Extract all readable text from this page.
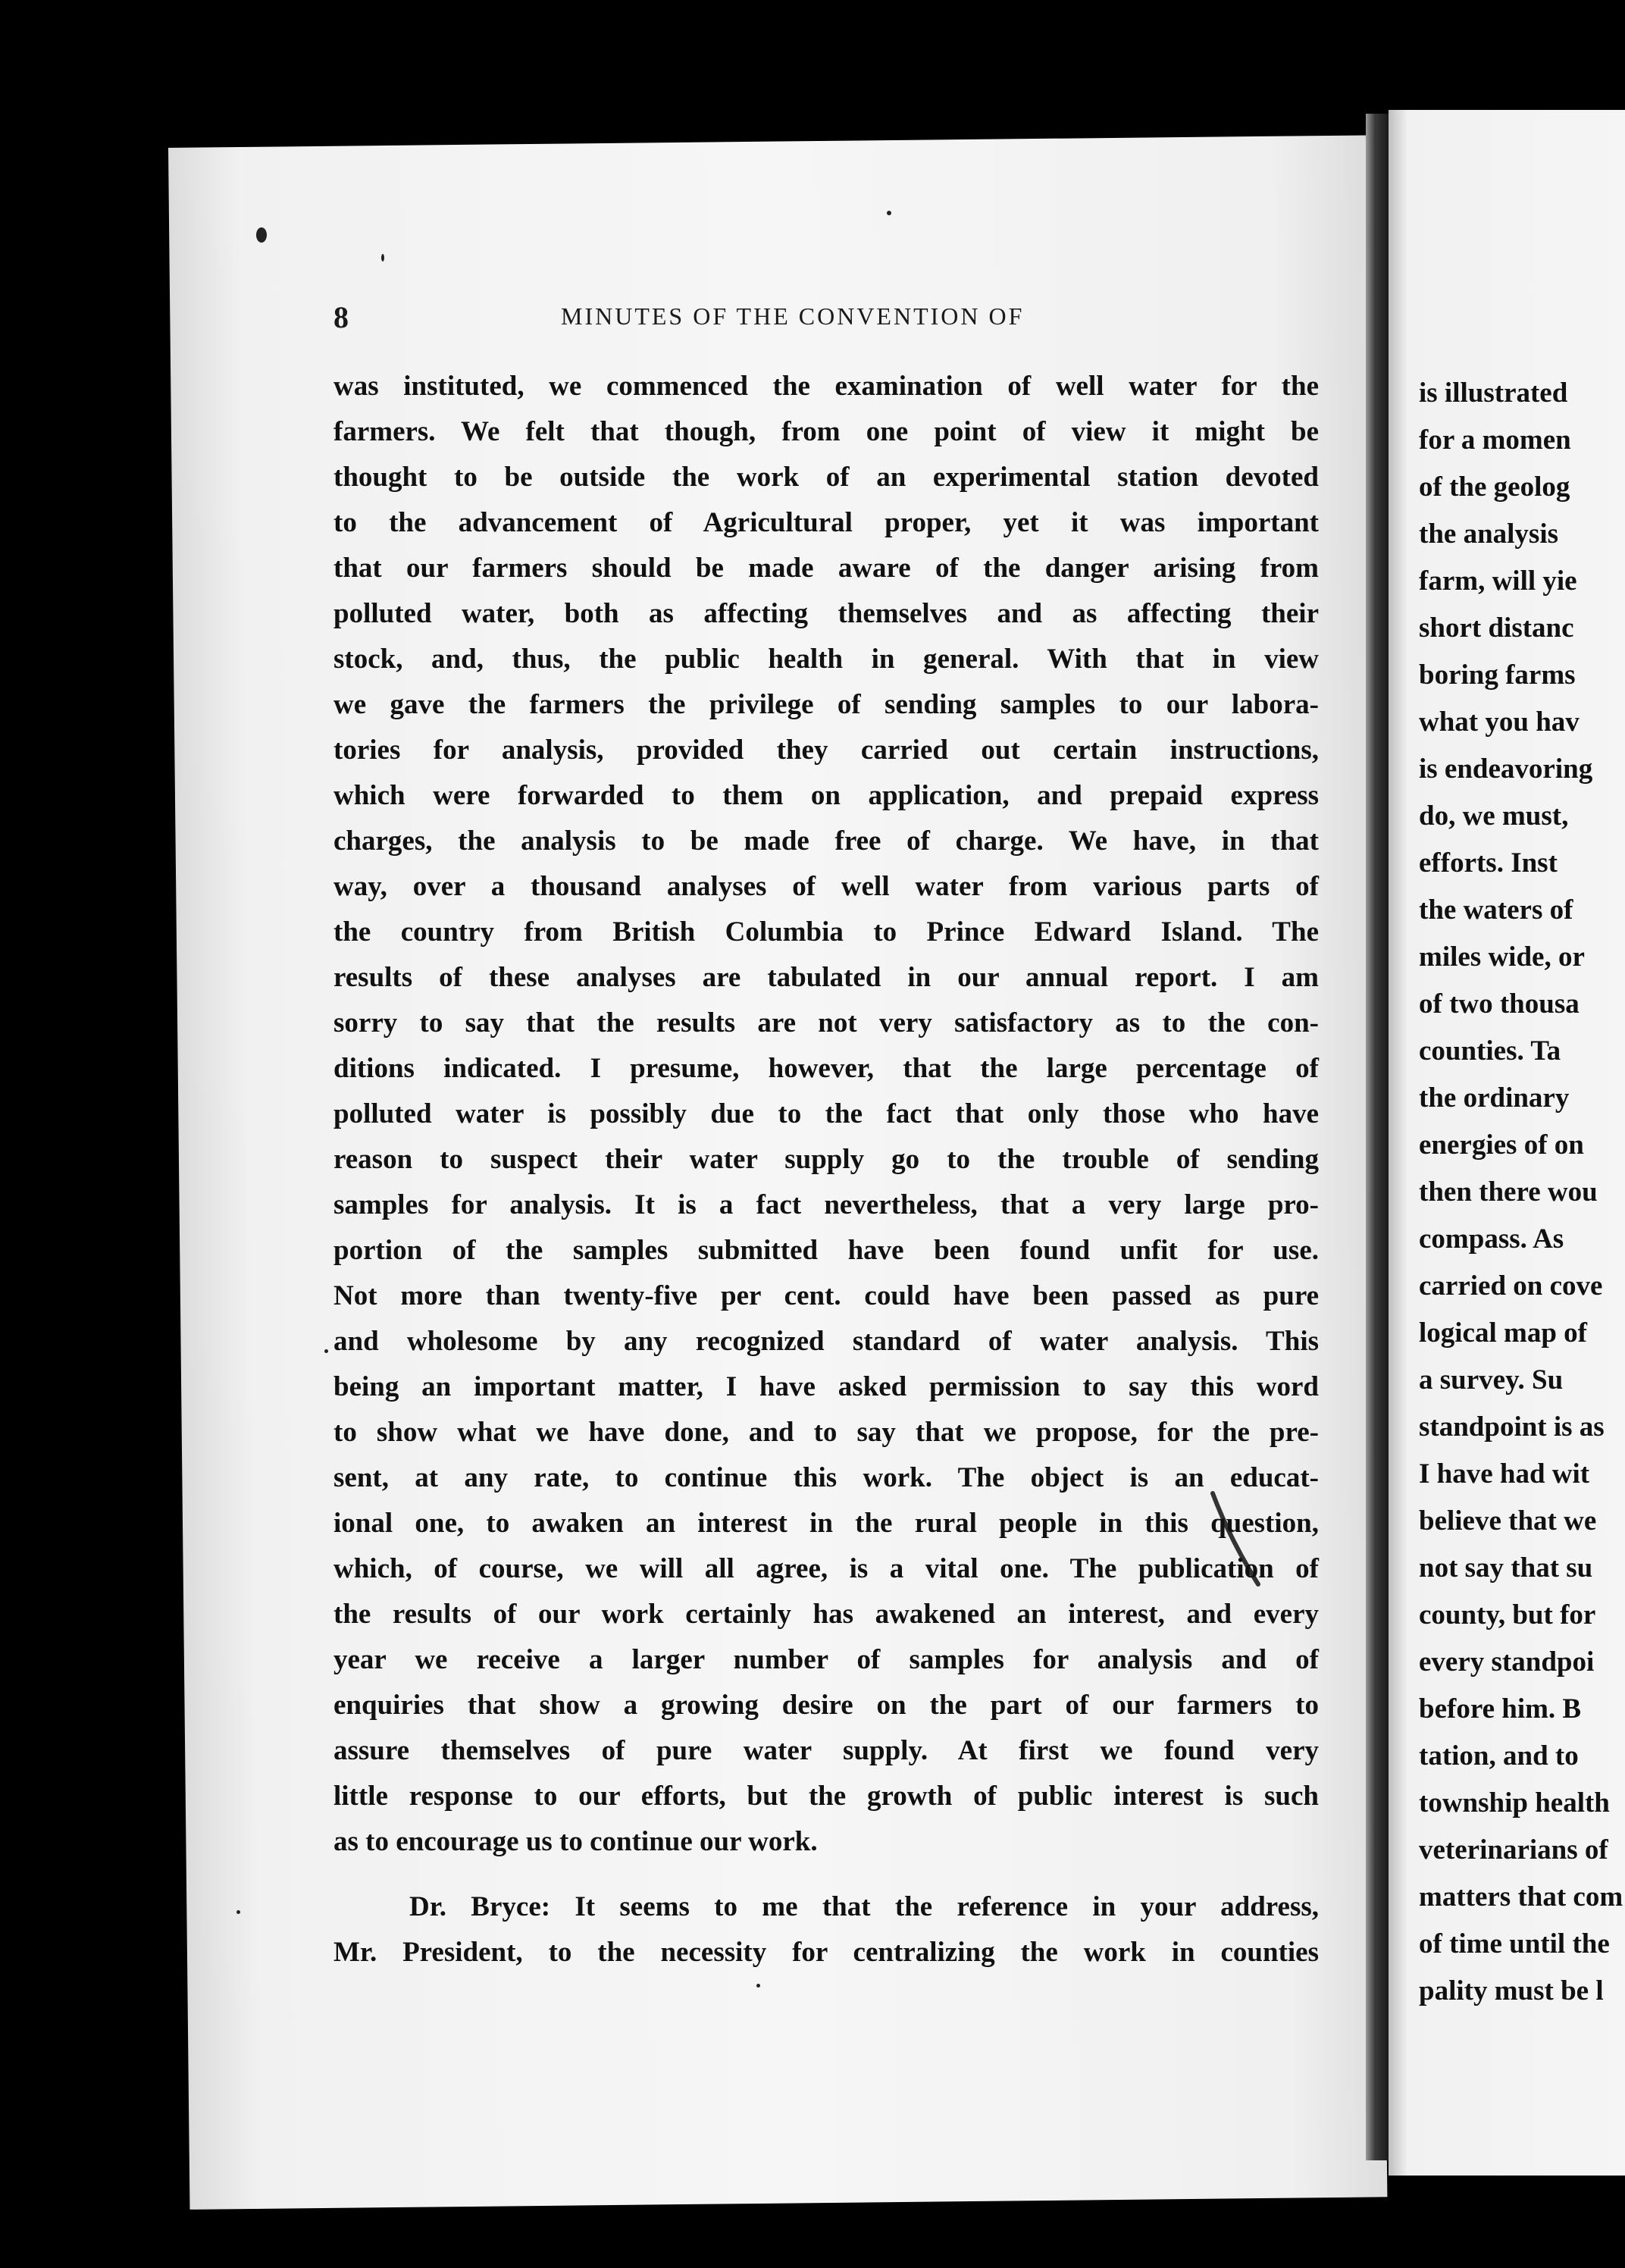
8	MINUTES OF THE CONVENTION OF
was instituted, we commenced the examination of well water for the
farmers. We felt that though, from one point of view it might be
thought to be outside the work of an experimental station devoted
to the advancement of Agricultural proper, yet it was important
that our farmers should be made aware of the danger arising from
polluted water, both as affecting themselves and as affecting their
stock, and, thus, the public health in general. With that in view
we gave the farmers the privilege of sending samples to our labora-
tories for analysis, provided they carried out certain instructions,
which were forwarded to them on application, and prepaid express
charges, the analysis to be made free of charge. We have, in that
way, over a thousand analyses of well water from various parts of
the country from British Columbia to Prince Edward Island. The
results of these analyses are tabulated in our annual report. I am
sorry to say that the results are not very satisfactory as to the con-
ditions indicated. I presume, however, that the large percentage of
polluted water is possibly due to the fact that only those who have
reason to suspect their water supply go to the trouble of sending
samples for analysis. It is a fact nevertheless, that a very large pro-
portion of the samples submitted have been found unfit for use.
Not more than twenty-five per cent. could have been passed as pure
and wholesome by any recognized standard of water analysis. This
being an important matter, I have asked permission to say this word
to show what we have done, and to say that we propose, for the pre-
sent, at any rate, to continue this work. The object is an educat-
ional one, to awaken an interest in the rural people in this question,
which, of course, we will all agree, is a vital one. The publication of
the results of our work certainly has awakened an interest, and every
year we receive a larger number of samples for analysis and of
enquiries that show a growing desire on the part of our farmers to
assure themselves of pure water supply. At first we found very
little response to our efforts, but the growth of public interest is such
as to encourage us to continue our work.
Dr. Bryce: It seems to me that the reference in your address,
Mr. President, to the necessity for centralizing the work in counties
is illustrated
for a momen
of the geolog
the analysis
farm, will yie
short distanc
boring farms
what you hav
is endeavoring
do, we must,
efforts. Inst
the waters of
miles wide, or
of two thousa
counties. Ta
the ordinary
energies of on
then there wou
compass. As
carried on cove
logical map of
a survey. Su
standpoint is as
I have had wit
believe that we
not say that su
county, but for
every standpoi
before him. B
tation, and to
township health
veterinarians of
matters that com
of time until the
pality must be l
